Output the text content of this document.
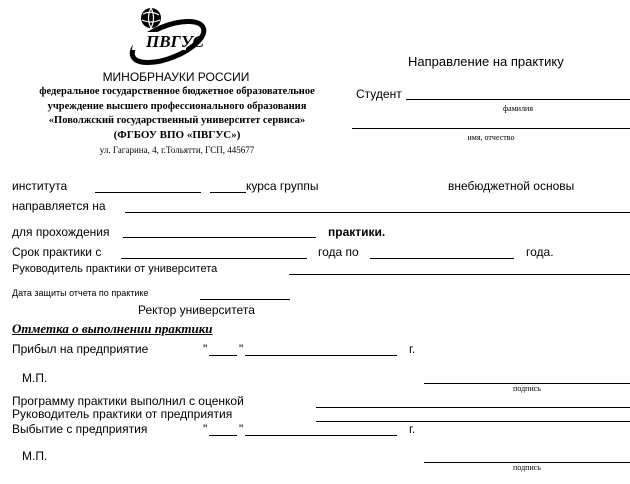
ПВГУС
МИНОБРНАУКИ РОССИИ
федеральное государственное бюджетное образовательное
учреждение высшего профессионального образования
«Поволжский государственный университет сервиса»
(ФГБОУ ВПО «ПВГУС»)
ул. Гагарина, 4, г.Тольятти, ГСП, 445677
Направление на практику
Студент
фамилия
имя, отчество
института	курса группы	внебюджетной основы
направляется на
для прохождения	практики.
Срок практики с	года по	года.
Руководитель практики от университета
Дата защиты отчета по практике
Ректор университета
Отметка о выполнении практики
Прибыл на предприятие	"	"	г.
М.П.
подпись
Программу практики выполнил с оценкой
Руководитель практики от предприятия
Выбытие с предприятия	"	"	г.
М.П.
подпись
